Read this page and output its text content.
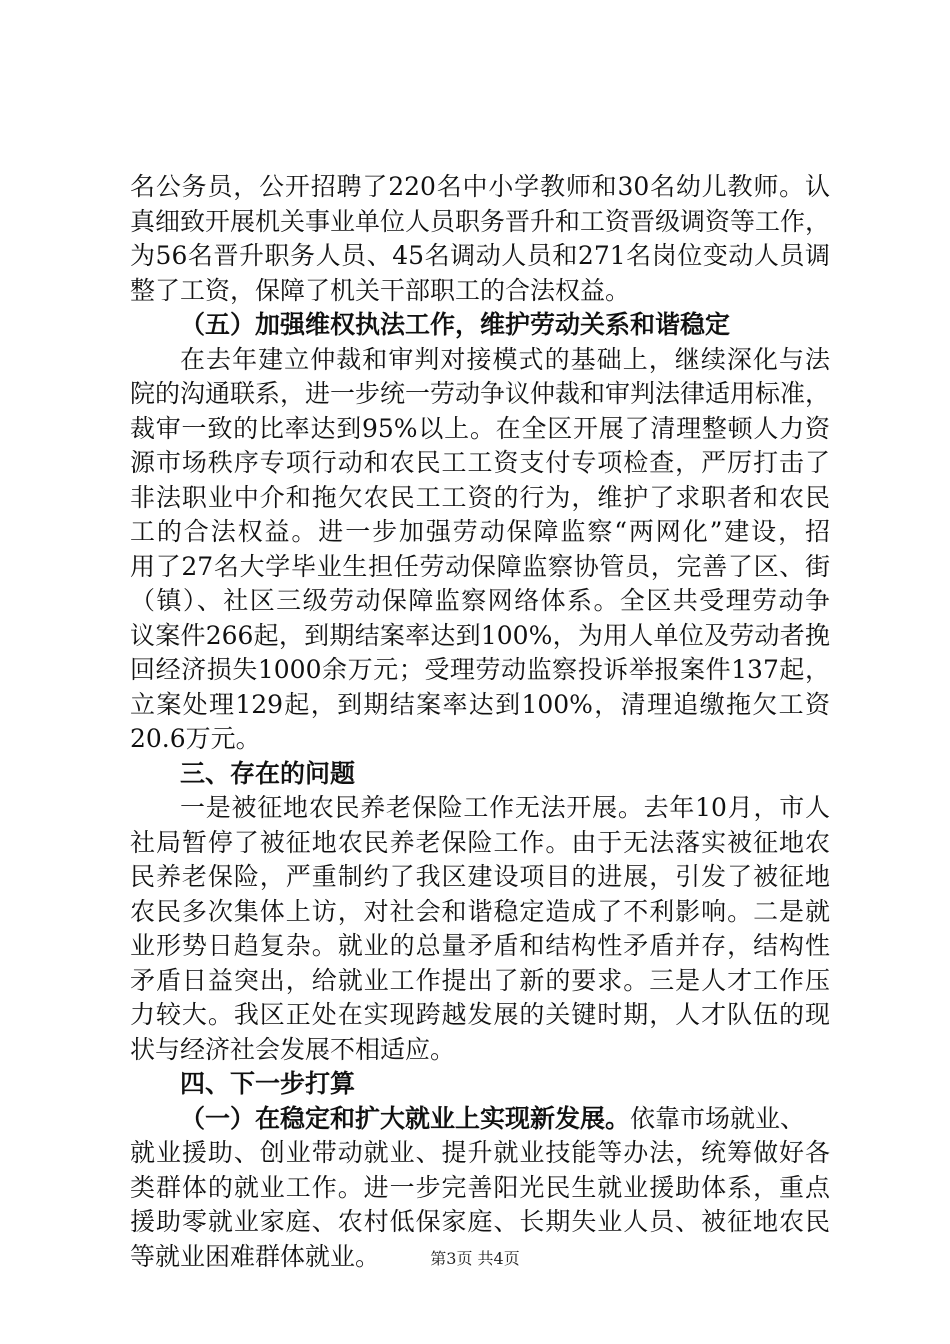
名公务员，公开招聘了220名中小学教师和30名幼儿教师。认
真细致开展机关事业单位人员职务晋升和工资晋级调资等工作，
为56名晋升职务人员、45名调动人员和271名岗位变动人员调
整了工资，保障了机关干部职工的合法权益。
（五）加强维权执法工作，维护劳动关系和谐稳定
在去年建立仲裁和审判对接模式的基础上，继续深化与法
院的沟通联系，进一步统一劳动争议仲裁和审判法律适用标准，
裁审一致的比率达到95%以上。在全区开展了清理整顿人力资
源市场秩序专项行动和农民工工资支付专项检查，严厉打击了
非法职业中介和拖欠农民工工资的行为，维护了求职者和农民
工的合法权益。进一步加强劳动保障监察“两网化”建设，招
用了27名大学毕业生担任劳动保障监察协管员，完善了区、街
（镇）、社区三级劳动保障监察网络体系。全区共受理劳动争
议案件266起，到期结案率达到100%，为用人单位及劳动者挽
回经济损失1000余万元；受理劳动监察投诉举报案件137起，
立案处理129起，到期结案率达到100%，清理追缴拖欠工资
20.6万元。
三、存在的问题
一是被征地农民养老保险工作无法开展。去年10月，市人
社局暂停了被征地农民养老保险工作。由于无法落实被征地农
民养老保险，严重制约了我区建设项目的进展，引发了被征地
农民多次集体上访，对社会和谐稳定造成了不利影响。二是就
业形势日趋复杂。就业的总量矛盾和结构性矛盾并存，结构性
矛盾日益突出，给就业工作提出了新的要求。三是人才工作压
力较大。我区正处在实现跨越发展的关键时期，人才队伍的现
状与经济社会发展不相适应。
四、下一步打算
（一）在稳定和扩大就业上实现新发展。依靠市场就业、
就业援助、创业带动就业、提升就业技能等办法，统筹做好各
类群体的就业工作。进一步完善阳光民生就业援助体系，重点
援助零就业家庭、农村低保家庭、长期失业人员、被征地农民
等就业困难群体就业。	第3页 共4页
